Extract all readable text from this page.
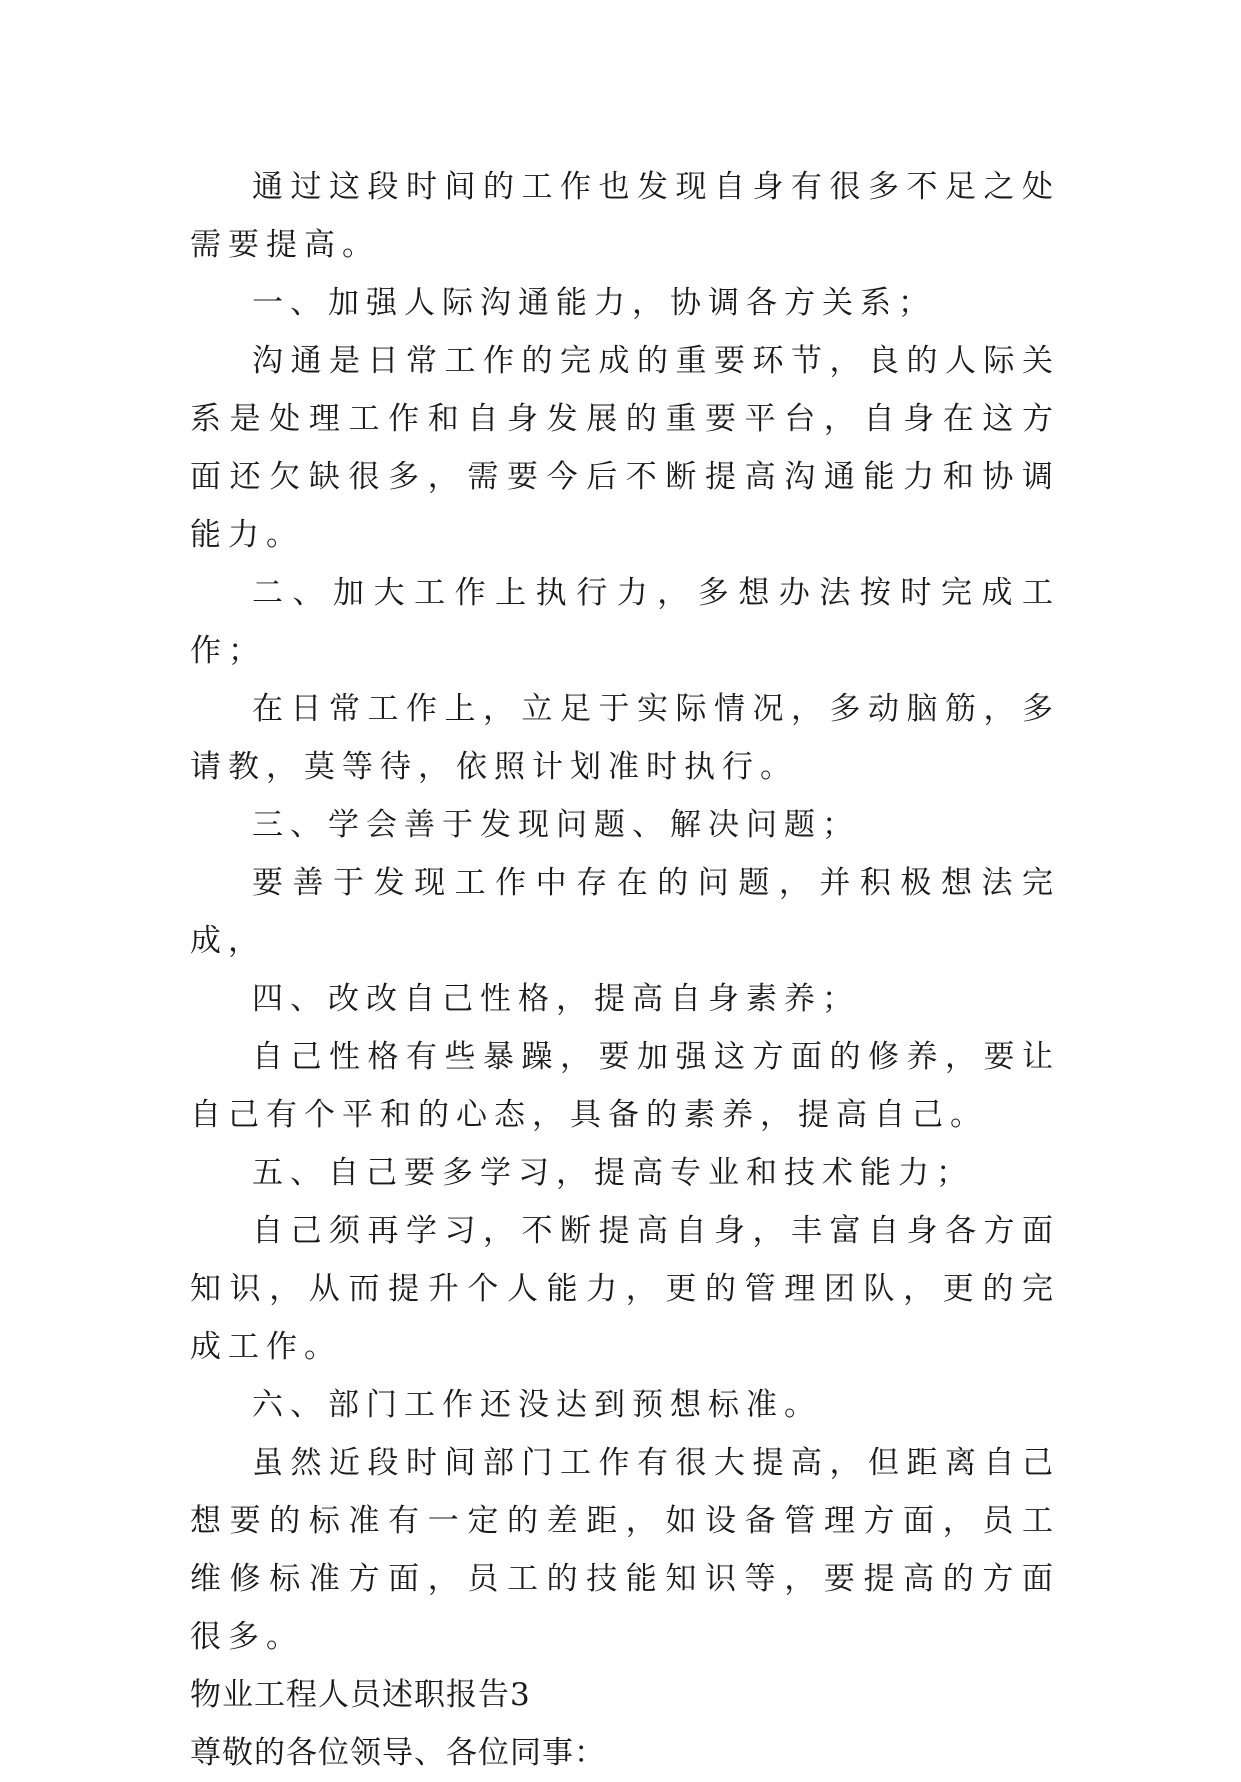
通过这段时间的工作也发现自身有很多不足之处需要提高。

一、加强人际沟通能力，协调各方关系；

沟通是日常工作的完成的重要环节，良的人际关系是处理工作和自身发展的重要平台，自身在这方面还欠缺很多，需要今后不断提高沟通能力和协调能力。

二、加大工作上执行力，多想办法按时完成工作；

在日常工作上，立足于实际情况，多动脑筋，多请教，莫等待，依照计划准时执行。

三、学会善于发现问题、解决问题；

要善于发现工作中存在的问题，并积极想法完成，

四、改改自己性格，提高自身素养；

自己性格有些暴躁，要加强这方面的修养，要让自己有个平和的心态，具备的素养，提高自己。

五、自己要多学习，提高专业和技术能力；

自己须再学习，不断提高自身，丰富自身各方面知识，从而提升个人能力，更的管理团队，更的完成工作。

六、部门工作还没达到预想标准。

虽然近段时间部门工作有很大提高，但距离自己想要的标准有一定的差距，如设备管理方面，员工维修标准方面，员工的技能知识等，要提高的方面很多。

物业工程人员述职报告3

尊敬的各位领导、各位同事：
